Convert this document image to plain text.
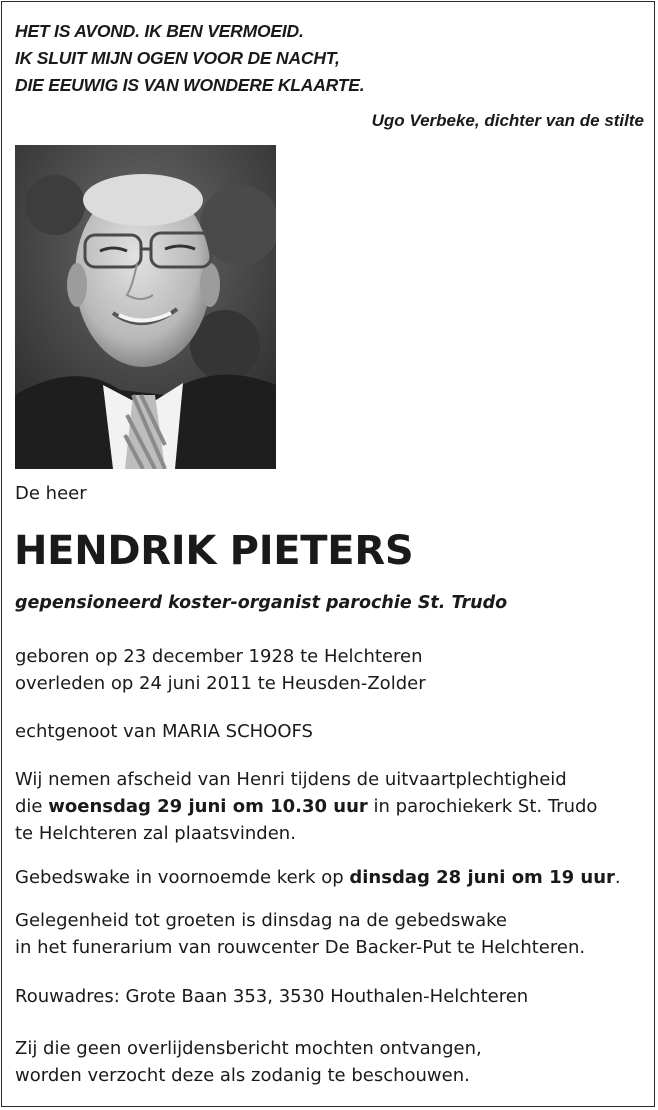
HET IS AVOND. IK BEN VERMOEID.
IK SLUIT MIJN OGEN VOOR DE NACHT,
DIE EEUWIG IS VAN WONDERE KLAARTE.
Ugo Verbeke, dichter van de stilte
De heer
HENDRIK PIETERS
gepensioneerd koster-organist parochie St. Trudo
geboren op 23 december 1928 te Helchteren
overleden op 24 juni 2011 te Heusden-Zolder
echtgenoot van MARIA SCHOOFS
Wij nemen afscheid van Henri tijdens de uitvaartplechtigheid
die woensdag 29 juni om 10.30 uur in parochiekerk St. Trudo
te Helchteren zal plaatsvinden.
Gebedswake in voornoemde kerk op dinsdag 28 juni om 19 uur.
Gelegenheid tot groeten is dinsdag na de gebedswake
in het funerarium van rouwcenter De Backer-Put te Helchteren.
Rouwadres: Grote Baan 353, 3530 Houthalen-Helchteren
Zij die geen overlijdensbericht mochten ontvangen,
worden verzocht deze als zodanig te beschouwen.
